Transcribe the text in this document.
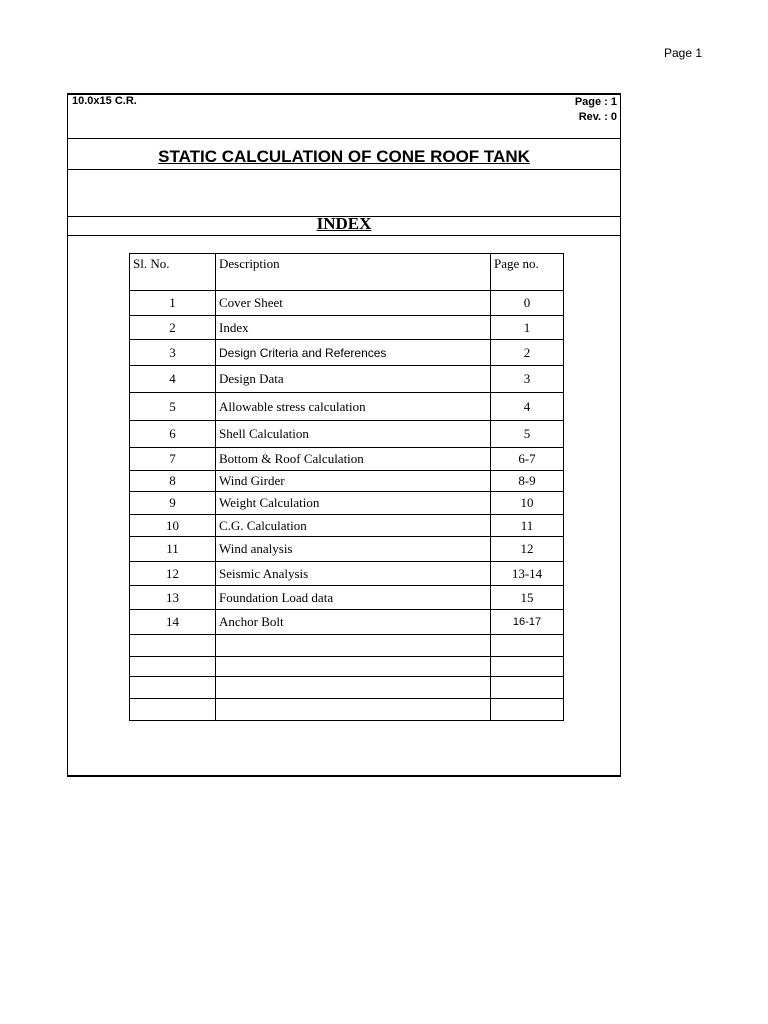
Page 1
10.0x15 C.R.	Page : 1
Rev. : 0
STATIC CALCULATION OF CONE ROOF TANK
INDEX
Sl. No.	Description	Page no.
1	Cover Sheet	0
2	Index	1
3	Design Criteria and References	2
4	Design Data	3
5	Allowable stress calculation	4
6	Shell Calculation	5
7	Bottom & Roof Calculation	6-7
8	Wind Girder	8-9
9	Weight Calculation	10
10	C.G. Calculation	11
11	Wind analysis	12
12	Seismic Analysis	13-14
13	Foundation Load data	15
14	Anchor Bolt	16-17
